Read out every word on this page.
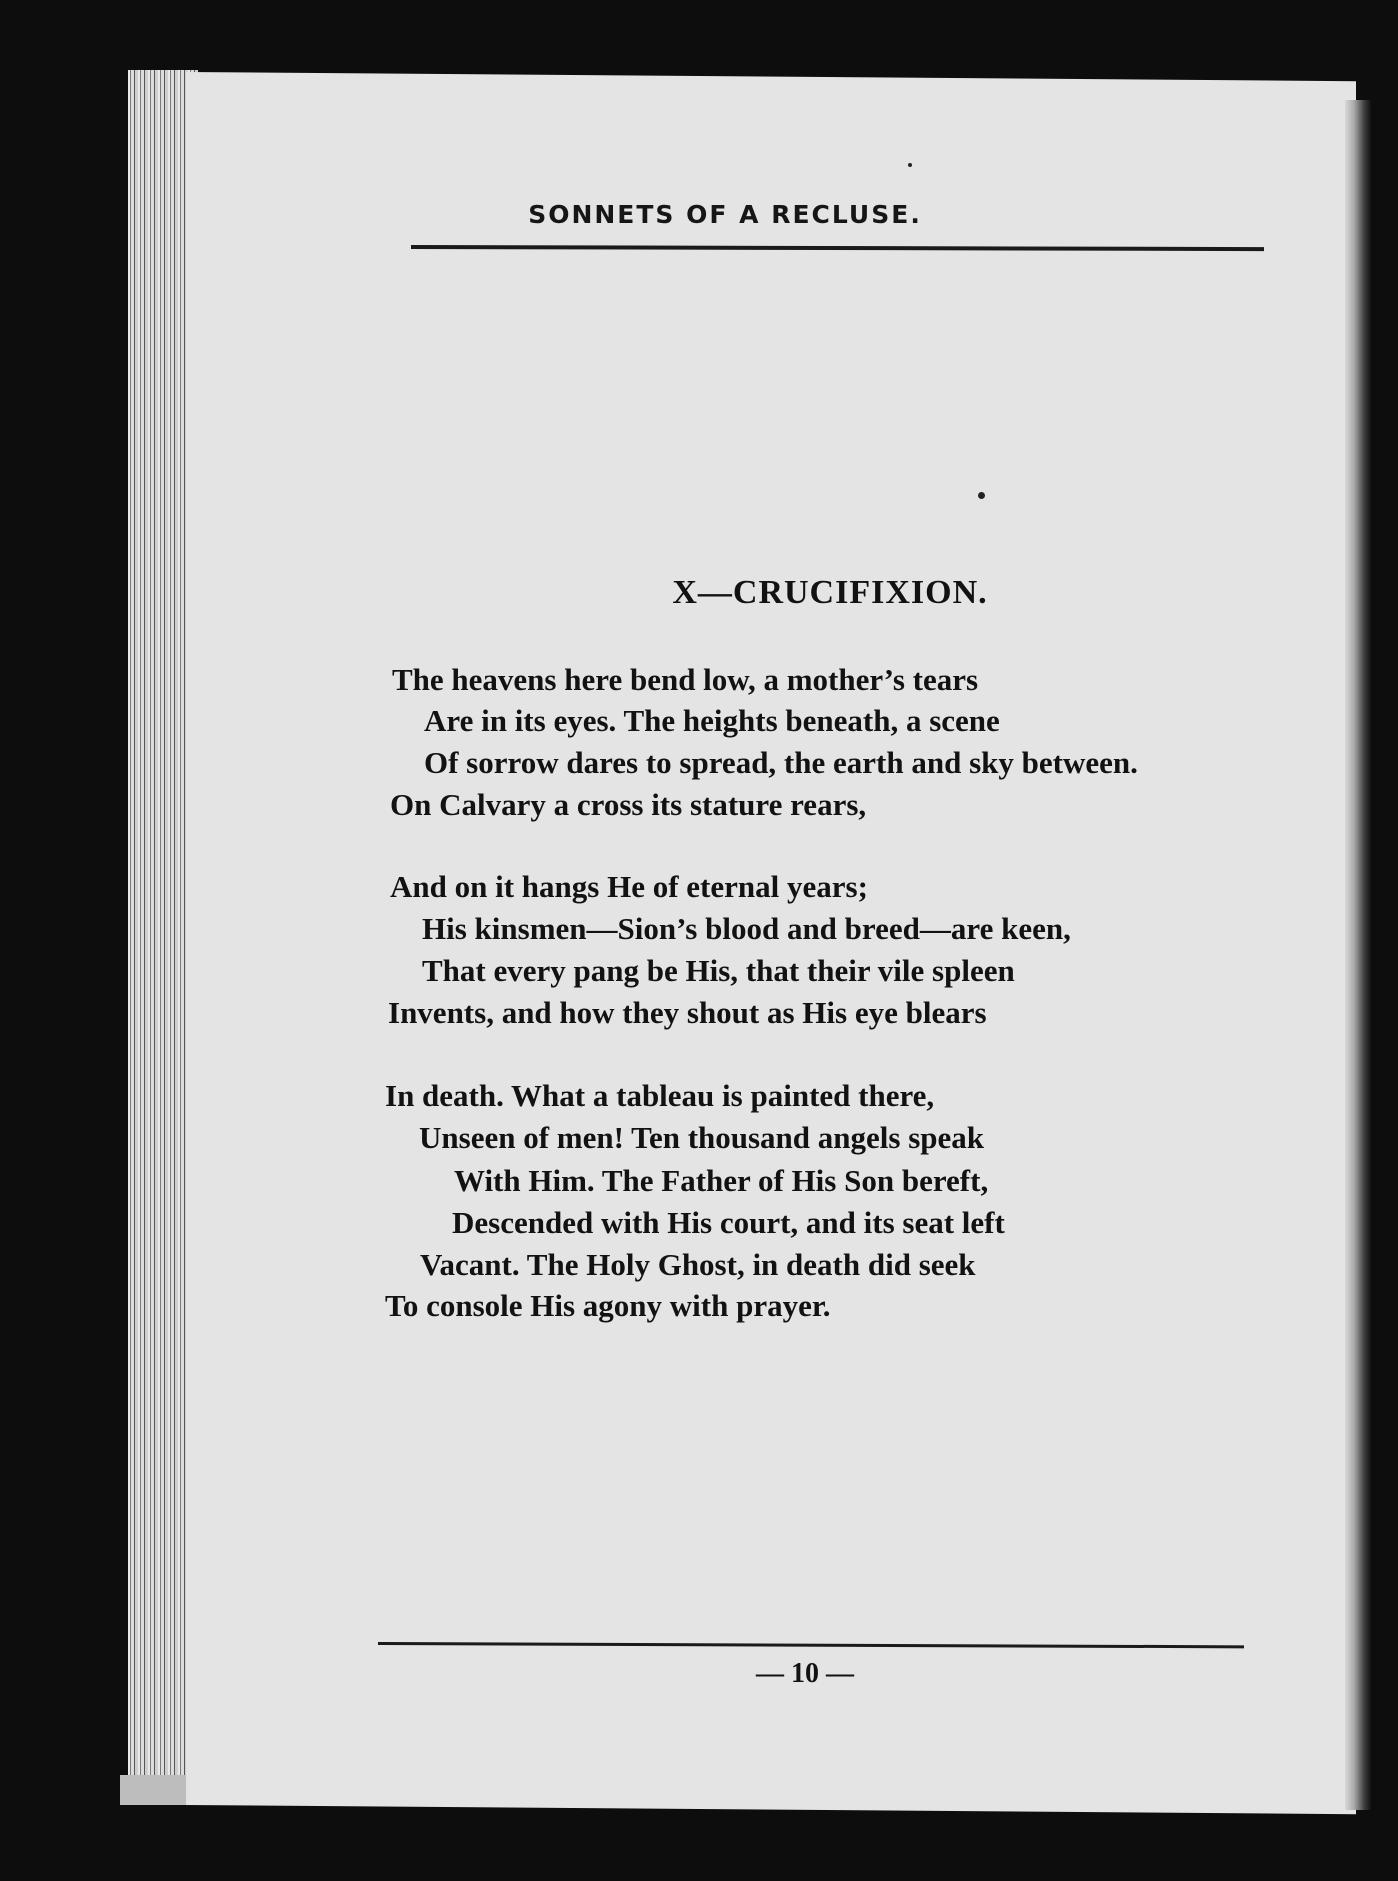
SONNETS OF A RECLUSE.
X—CRUCIFIXION.
The heavens here bend low, a mother’s tears
Are in its eyes. The heights beneath, a scene
Of sorrow dares to spread, the earth and sky between.
On Calvary a cross its stature rears,
And on it hangs He of eternal years;
His kinsmen—Sion’s blood and breed—are keen,
That every pang be His, that their vile spleen
Invents, and how they shout as His eye blears
In death. What a tableau is painted there,
Unseen of men! Ten thousand angels speak
With Him. The Father of His Son bereft,
Descended with His court, and its seat left
Vacant. The Holy Ghost, in death did seek
To console His agony with prayer.
— 10 —
